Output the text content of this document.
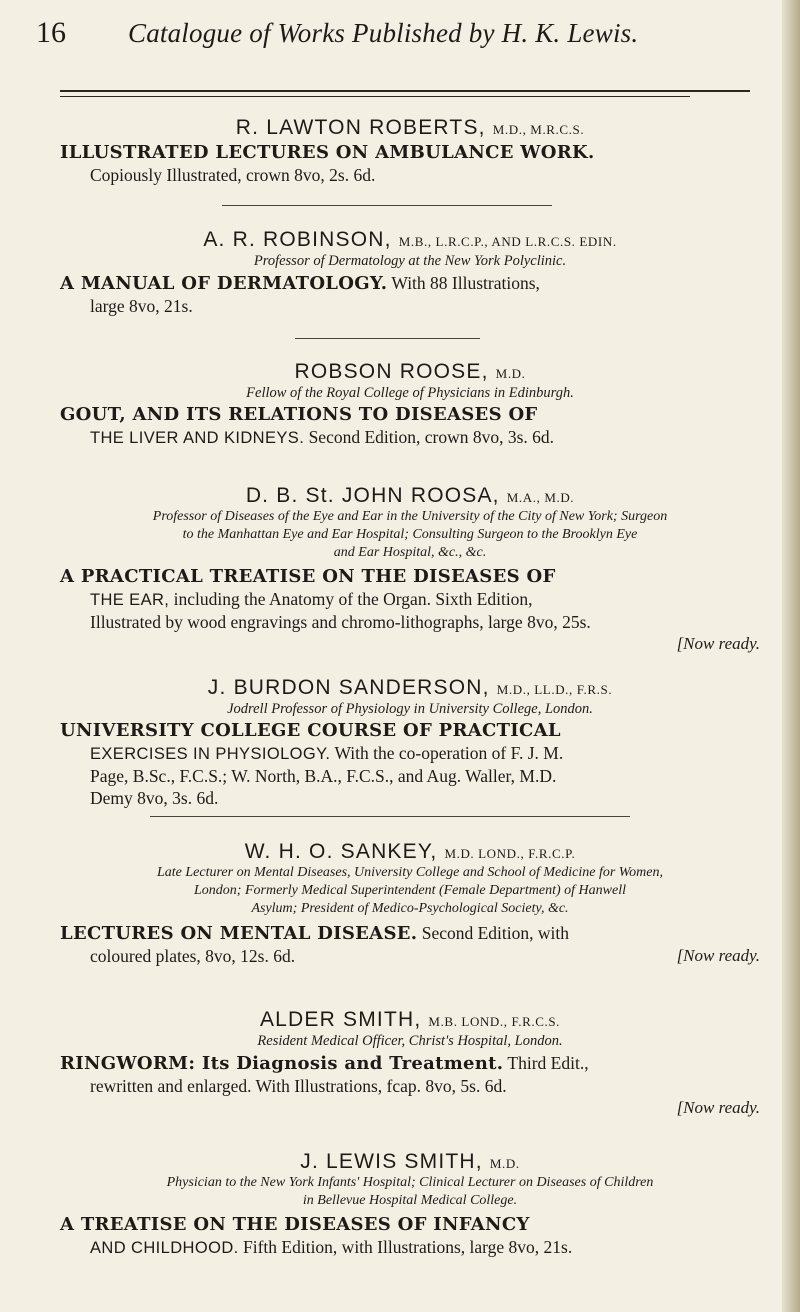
16 Catalogue of Works Published by H. K. Lewis.
R. LAWTON ROBERTS, M.D., M.R.C.S.
ILLUSTRATED LECTURES ON AMBULANCE WORK.
Copiously Illustrated, crown 8vo, 2s. 6d.
A. R. ROBINSON, M.B., L.R.C.P., AND L.R.C.S. EDIN.
Professor of Dermatology at the New York Polyclinic.
A MANUAL OF DERMATOLOGY. With 88 Illustrations,
large 8vo, 21s.
ROBSON ROOSE, M.D.
Fellow of the Royal College of Physicians in Edinburgh.
GOUT, AND ITS RELATIONS TO DISEASES OF
THE LIVER AND KIDNEYS. Second Edition, crown 8vo, 3s. 6d.
D. B. St. JOHN ROOSA, M.A., M.D.
Professor of Diseases of the Eye and Ear in the University of the City of New York; Surgeon
to the Manhattan Eye and Ear Hospital; Consulting Surgeon to the Brooklyn Eye
and Ear Hospital, &c., &c.
A PRACTICAL TREATISE ON THE DISEASES OF
THE EAR, including the Anatomy of the Organ. Sixth Edition,
Illustrated by wood engravings and chromo-lithographs, large 8vo, 25s.
[Now ready.
J. BURDON SANDERSON, M.D., LL.D., F.R.S.
Jodrell Professor of Physiology in University College, London.
UNIVERSITY COLLEGE COURSE OF PRACTICAL
EXERCISES IN PHYSIOLOGY. With the co-operation of F. J. M.
Page, B.Sc., F.C.S.; W. North, B.A., F.C.S., and Aug. Waller, M.D.
Demy 8vo, 3s. 6d.
W. H. O. SANKEY, M.D. LOND., F.R.C.P.
Late Lecturer on Mental Diseases, University College and School of Medicine for Women,
London; Formerly Medical Superintendent (Female Department) of Hanwell
Asylum; President of Medico-Psychological Society, &c.
LECTURES ON MENTAL DISEASE. Second Edition, with
coloured plates, 8vo, 12s. 6d.	[Now ready.
ALDER SMITH, M.B. LOND., F.R.C.S.
Resident Medical Officer, Christ's Hospital, London.
RINGWORM: Its Diagnosis and Treatment. Third Edit.,
rewritten and enlarged. With Illustrations, fcap. 8vo, 5s. 6d.
[Now ready.
J. LEWIS SMITH, M.D.
Physician to the New York Infants' Hospital; Clinical Lecturer on Diseases of Children
in Bellevue Hospital Medical College.
A TREATISE ON THE DISEASES OF INFANCY
AND CHILDHOOD. Fifth Edition, with Illustrations, large 8vo, 21s.
